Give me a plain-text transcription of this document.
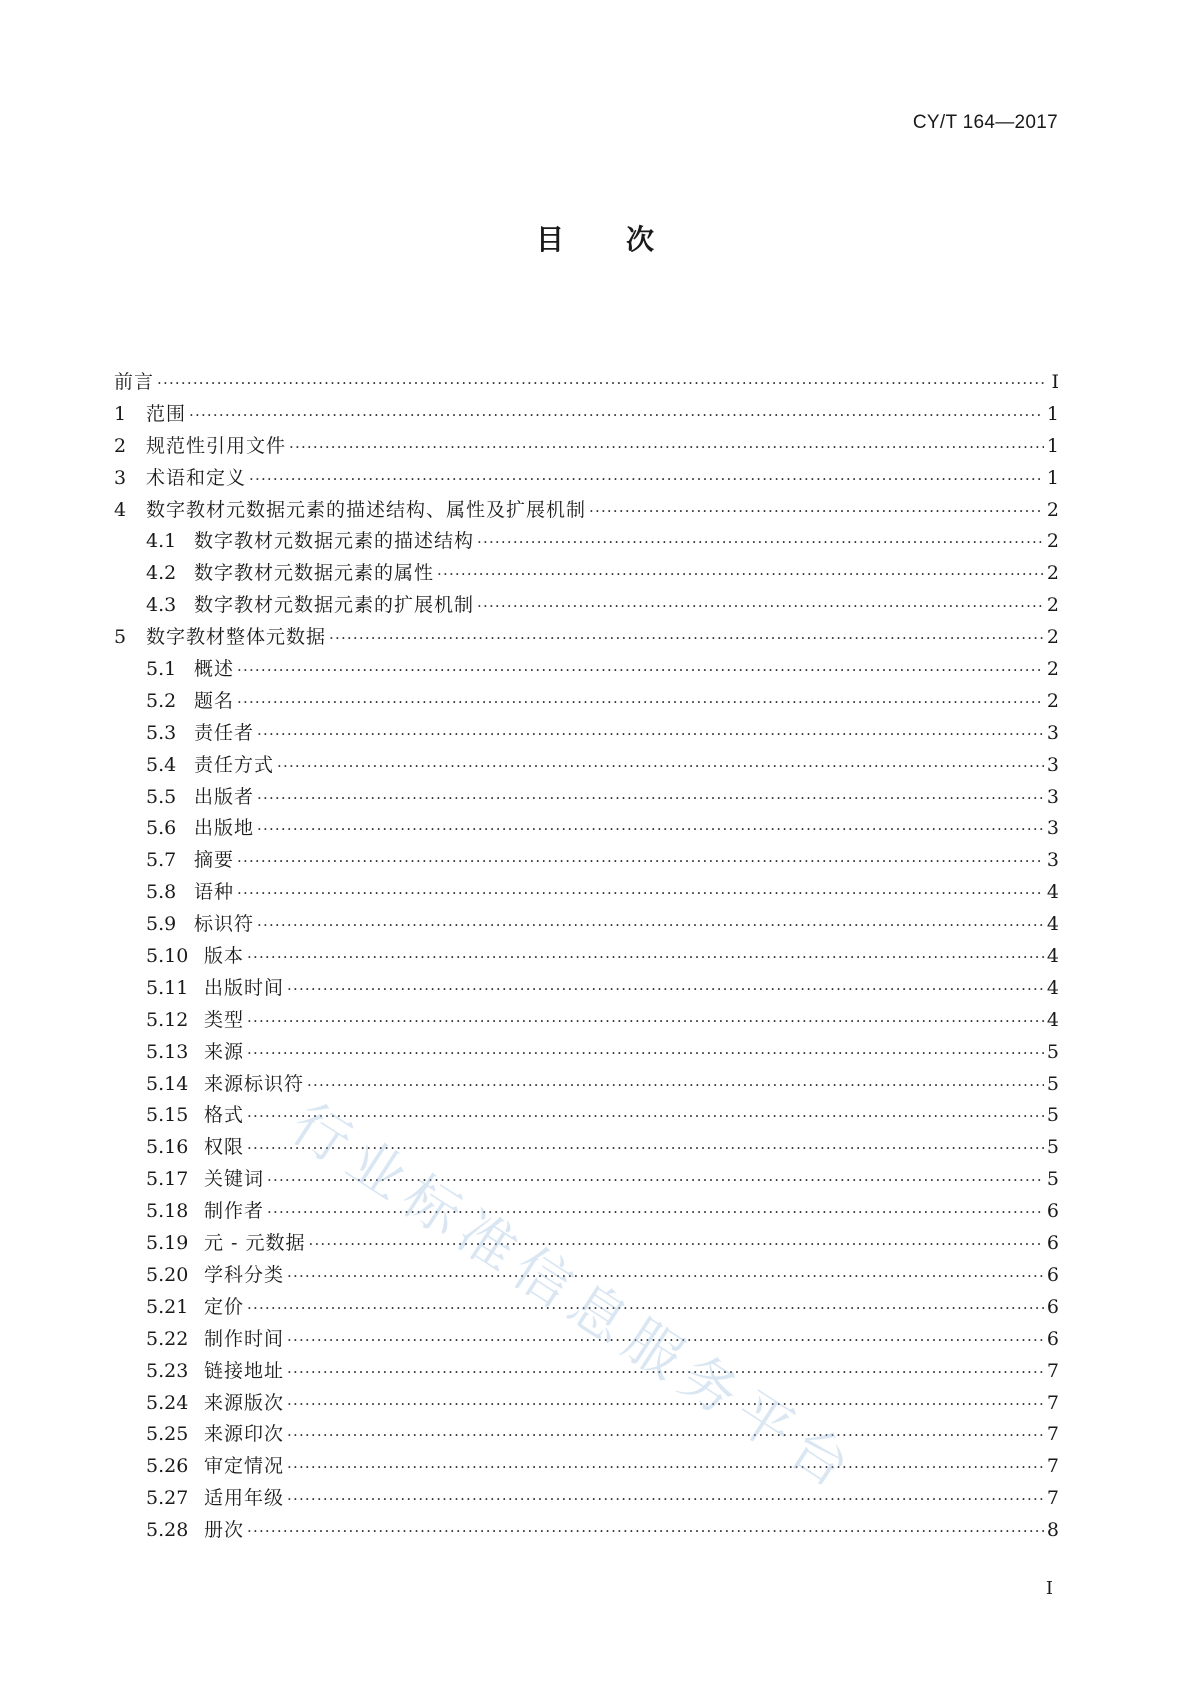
CY/T 164—2017
目次
前言 ·····	I
1	范围 ·····	1
2	规范性引用文件 ·····	1
3	术语和定义 ·····	1
4	数字教材元数据元素的描述结构、属性及扩展机制 ·····	2
4.1 数字教材元数据元素的描述结构 ·····	2
4.2 数字教材元数据元素的属性 ·····	2
4.3 数字教材元数据元素的扩展机制 ·····	2
5	数字教材整体元数据 ·····	2
5.1 概述 ·····	2
5.2 题名 ·····	2
5.3 责任者 ·····	3
5.4 责任方式 ·····	3
5.5 出版者 ·····	3
5.6 出版地 ·····	3
5.7 摘要 ·····	3
5.8 语种 ·····	4
5.9 标识符 ·····	4
5.10 版本 ·····	4
5.11 出版时间 ·····	4
5.12 类型 ·····	4
5.13 来源 ·····	5
5.14 来源标识符 ·····	5
5.15 格式 ·····	5
5.16 权限 ·····	5
5.17 关键词 ·····	5
5.18 制作者 ·····	6
5.19 元 - 元数据 ·····	6
5.20 学科分类 ·····	6
5.21 定价 ·····	6
5.22 制作时间 ·····	6
5.23 链接地址 ·····	7
5.24 来源版次 ·····	7
5.25 来源印次 ·····	7
5.26 审定情况 ·····	7
5.27 适用年级 ·····	7
5.28 册次 ·····	8
行业标准信息服务平台
I
